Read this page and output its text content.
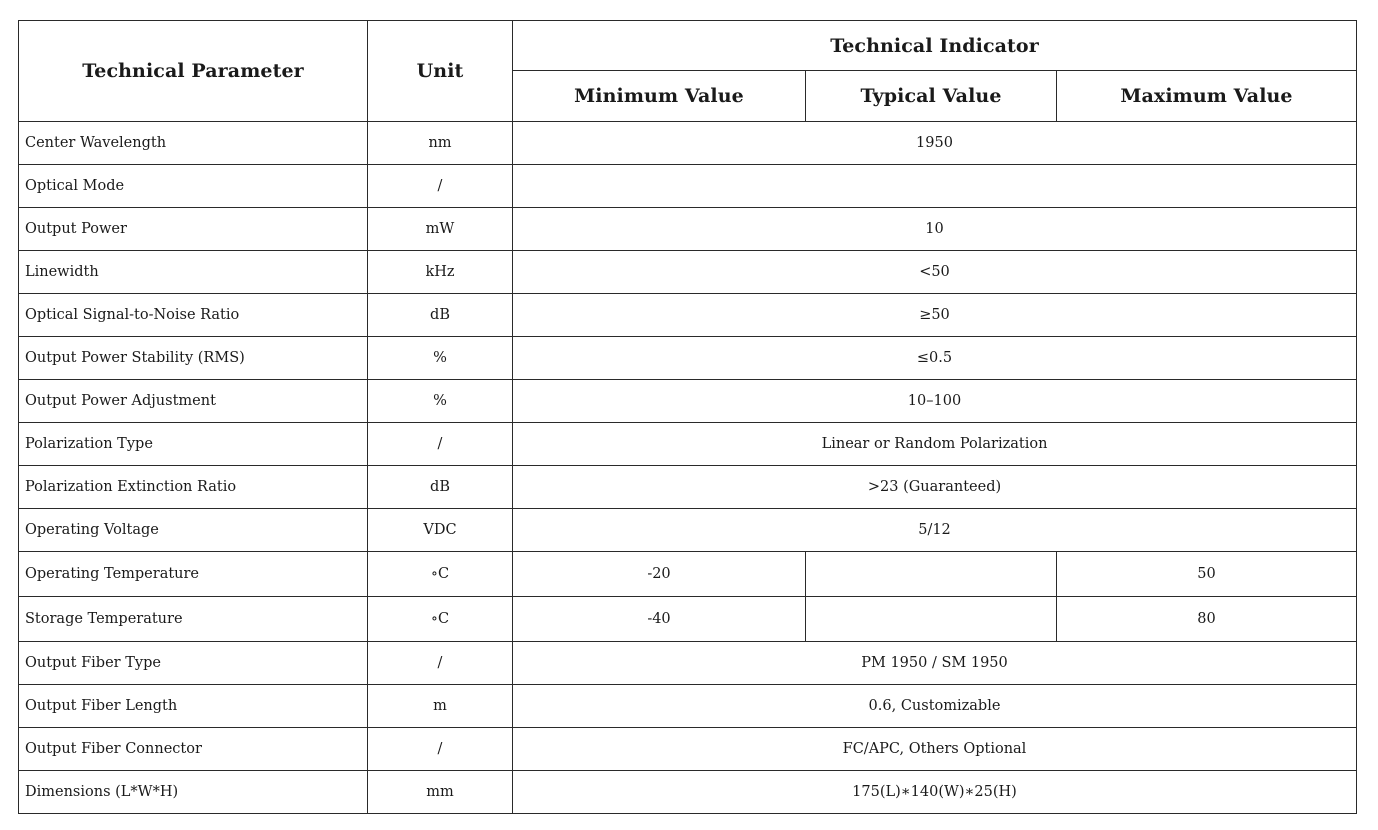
Technical Parameter	Unit	Technical Indicator		
		Minimum Value	Typical Value	Maximum Value
Center Wavelength	nm	1950		
Optical Mode	/			
Output Power	mW	10		
Linewidth	kHz	<50		
Optical Signal-to-Noise Ratio	dB	≥50		
Output Power Stability (RMS)	%	≤0.5		
Output Power Adjustment	%	10–100		
Polarization Type	/	Linear or Random Polarization		
Polarization Extinction Ratio	dB	>23 (Guaranteed)		
Operating Voltage	VDC	5/12		
Operating Temperature	∘C	-20		50
Storage Temperature	∘C	-40		80
Output Fiber Type	/	PM 1950 / SM 1950		
Output Fiber Length	m	0.6, Customizable		
Output Fiber Connector	/	FC/APC, Others Optional		
Dimensions (L*W*H)	mm	175(L)∗140(W)∗25(H)		
